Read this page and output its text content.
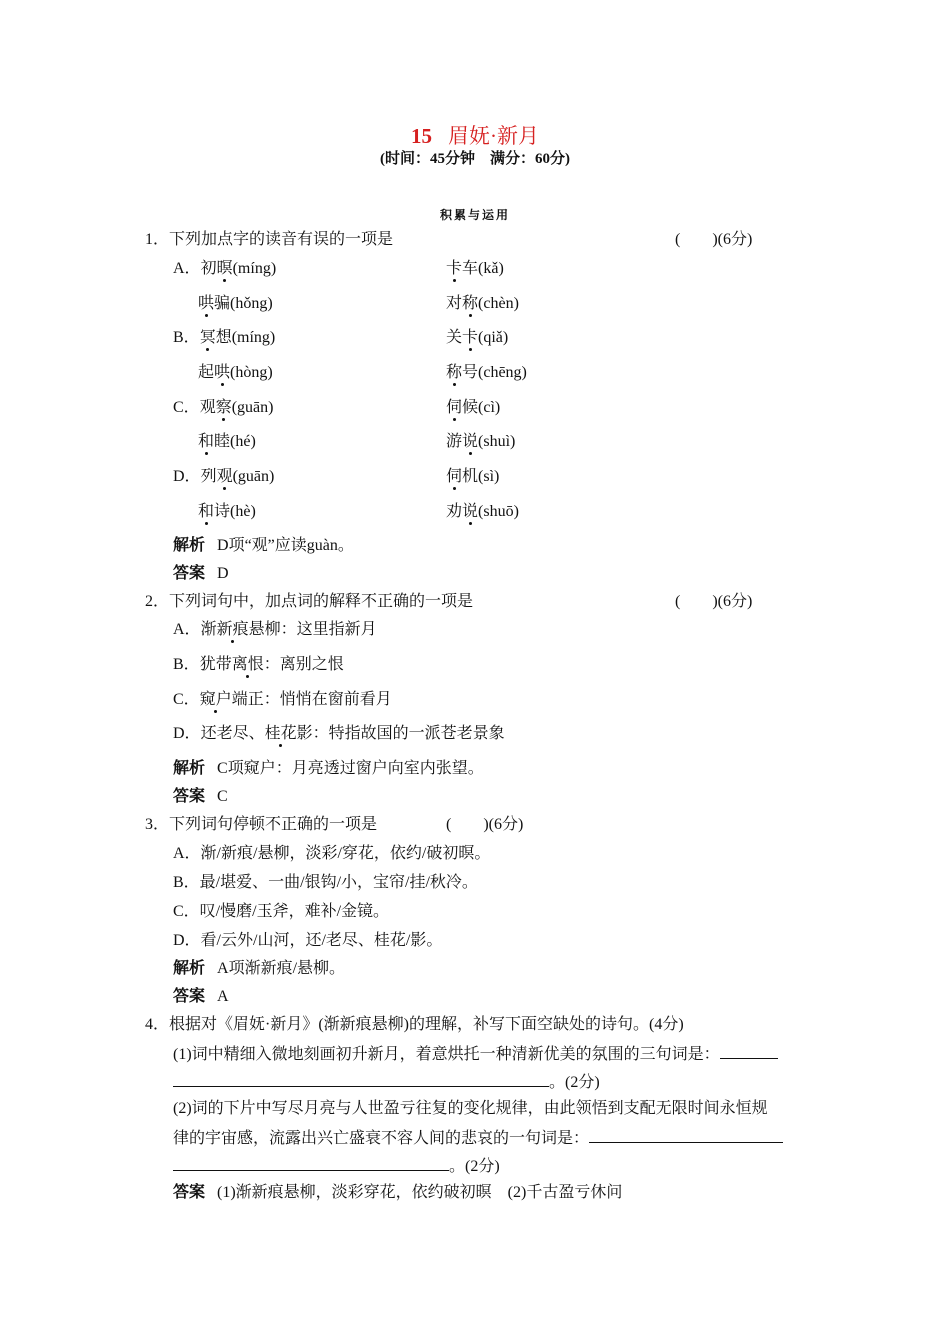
15 眉妩·新月
(时间：45分钟　满分：60分)
积累与运用
1．下列加点字的读音有误的一项是	(　　)(6分)
A．初暝(míng)	卡车(kǎ)
哄骗(hǒng)	对称(chèn)
B．冥想(míng)	关卡(qiǎ)
起哄(hòng)	称号(chēng)
C．观察(guān)	伺候(cì)
和睦(hé)	游说(shuì)
D．列观(guān)	伺机(sì)
和诗(hè)	劝说(shuō)
解析 D项“观”应读guàn。
答案 D
2．下列词句中，加点词的解释不正确的一项是	(　　)(6分)
A．渐新痕悬柳：这里指新月
B．犹带离恨：离别之恨
C．窥户端正：悄悄在窗前看月
D．还老尽、桂花影：特指故国的一派苍老景象
解析 C项窥户：月亮透过窗户向室内张望。
答案 C
3．下列词句停顿不正确的一项是	(　　)(6分)
A．渐/新痕/悬柳，淡彩/穿花，依约/破初暝。
B．最/堪爱、一曲/银钩/小，宝帘/挂/秋冷。
C．叹/慢磨/玉斧，难补/金镜。
D．看/云外/山河，还/老尽、桂花/影。
解析 A项渐新痕/悬柳。
答案 A
4．根据对《眉妩·新月》(渐新痕悬柳)的理解，补写下面空缺处的诗句。(4分)
(1)词中精细入微地刻画初升新月，着意烘托一种清新优美的氛围的三句词是：
。(2分)
(2)词的下片中写尽月亮与人世盈亏往复的变化规律，由此领悟到支配无限时间永恒规
律的宇宙感，流露出兴亡盛衰不容人间的悲哀的一句词是：
。(2分)
答案 (1)渐新痕悬柳，淡彩穿花，依约破初暝　(2)千古盈亏休问
